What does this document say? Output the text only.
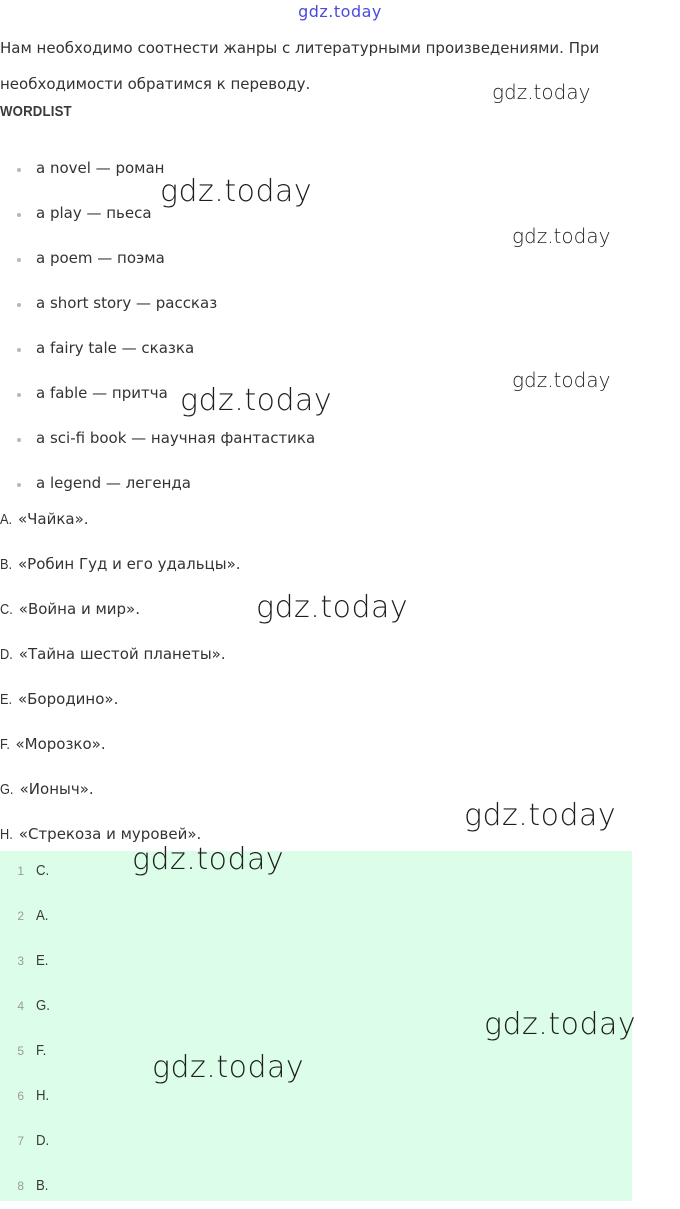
gdz.today
Нам необходимо соотнести жанры с литературными произведениями. При необходимости обратимся к переводу.
WORDLIST
a novel — роман
a play — пьеса
a poem — поэма
a short story — рассказ
a fairy tale — сказка
a fable — притча
a sci-fi book — научная фантастика
a legend — легенда
A. «Чайка».
B. «Робин Гуд и его удальцы».
C. «Война и мир».
D. «Тайна шестой планеты».
E. «Бородино».
F. «Морозко».
G. «Ионыч».
H. «Стрекоза и муровей».
1 C.
2 A.
3 E.
4 G.
5 F.
6 H.
7 D.
8 B.
gdz.today
gdz.today
gdz.today
gdz.today
gdz.today
gdz.today
gdz.today
gdz.today
gdz.today
gdz.today
